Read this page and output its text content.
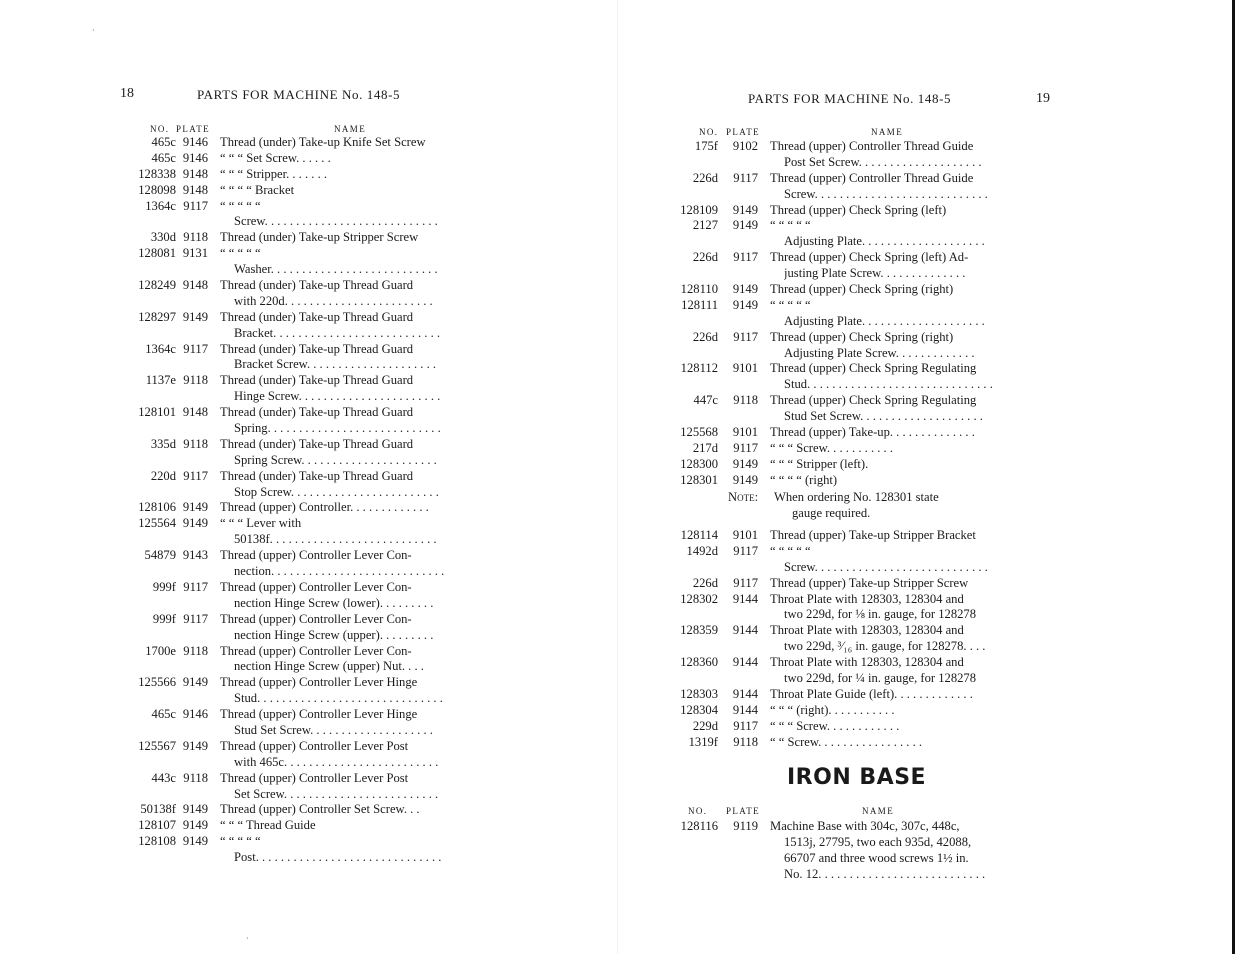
18	PARTS FOR MACHINE No. 148-5
NO. PLATE	NAME
465c 9146 Thread (under) Take-up Knife Set Screw
465c 9146 “ “ “ Set Screw. . . . . .
128338 9148 “ “ “ Stripper. . . . . . .
128098 9148 “ “ “ “ Bracket
1364c 9117 “ “ “ “ “
Screw. . . . . . . . . . . . . . . . . . . . . . . . . . . .
330d 9118 Thread (under) Take-up Stripper Screw
128081 9131 “ “ “ “ “
Washer. . . . . . . . . . . . . . . . . . . . . . . . . . .
128249 9148 Thread (under) Take-up Thread Guard
with 220d. . . . . . . . . . . . . . . . . . . . . . . .
128297 9149 Thread (under) Take-up Thread Guard
Bracket. . . . . . . . . . . . . . . . . . . . . . . . . . .
1364c 9117 Thread (under) Take-up Thread Guard
Bracket Screw. . . . . . . . . . . . . . . . . . . . .
1137e 9118 Thread (under) Take-up Thread Guard
Hinge Screw. . . . . . . . . . . . . . . . . . . . . . .
128101 9148 Thread (under) Take-up Thread Guard
Spring. . . . . . . . . . . . . . . . . . . . . . . . . . . .
335d 9118 Thread (under) Take-up Thread Guard
Spring Screw. . . . . . . . . . . . . . . . . . . . . .
220d 9117 Thread (under) Take-up Thread Guard
Stop Screw. . . . . . . . . . . . . . . . . . . . . . . .
128106 9149 Thread (upper) Controller. . . . . . . . . . . . .
125564 9149 “ “ “ Lever with
50138f. . . . . . . . . . . . . . . . . . . . . . . . . . .
54879 9143 Thread (upper) Controller Lever Con-
nection. . . . . . . . . . . . . . . . . . . . . . . . . . . .
999f 9117 Thread (upper) Controller Lever Con-
nection Hinge Screw (lower). . . . . . . . .
999f 9117 Thread (upper) Controller Lever Con-
nection Hinge Screw (upper). . . . . . . . .
1700e 9118 Thread (upper) Controller Lever Con-
nection Hinge Screw (upper) Nut. . . .
125566 9149 Thread (upper) Controller Lever Hinge
Stud. . . . . . . . . . . . . . . . . . . . . . . . . . . . . .
465c 9146 Thread (upper) Controller Lever Hinge
Stud Set Screw. . . . . . . . . . . . . . . . . . . .
125567 9149 Thread (upper) Controller Lever Post
with 465c. . . . . . . . . . . . . . . . . . . . . . . . .
443c 9118 Thread (upper) Controller Lever Post
Set Screw. . . . . . . . . . . . . . . . . . . . . . . . .
50138f 9149 Thread (upper) Controller Set Screw. . .
128107 9149 “ “ “ Thread Guide
128108 9149 “ “ “ “ “
Post. . . . . . . . . . . . . . . . . . . . . . . . . . . . . .
·
·
PARTS FOR MACHINE No. 148-5	19
NO. PLATE	NAME
175f	9102 Thread (upper) Controller Thread Guide
Post Set Screw. . . . . . . . . . . . . . . . . . . .
226d	9117 Thread (upper) Controller Thread Guide
Screw. . . . . . . . . . . . . . . . . . . . . . . . . . . .
128109	9149 Thread (upper) Check Spring (left)
2127	9149 “ “ “ “ “
Adjusting Plate. . . . . . . . . . . . . . . . . . . .
226d	9117 Thread (upper) Check Spring (left) Ad-
justing Plate Screw. . . . . . . . . . . . . .
128110	9149 Thread (upper) Check Spring (right)
128111	9149 “ “ “ “ “
Adjusting Plate. . . . . . . . . . . . . . . . . . . .
226d	9117 Thread (upper) Check Spring (right)
Adjusting Plate Screw. . . . . . . . . . . . .
128112	9101 Thread (upper) Check Spring Regulating
Stud. . . . . . . . . . . . . . . . . . . . . . . . . . . . . .
447c	9118 Thread (upper) Check Spring Regulating
Stud Set Screw. . . . . . . . . . . . . . . . . . . .
125568	9101 Thread (upper) Take-up. . . . . . . . . . . . . .
217d	9117 “ “ “ Screw. . . . . . . . . . .
128300	9149 “ “ “ Stripper (left).
128301	9149 “ “ “ “ (right)
Note: When ordering No. 128301 state
gauge required.
128114	9101 Thread (upper) Take-up Stripper Bracket
1492d	9117 “ “ “ “ “
Screw. . . . . . . . . . . . . . . . . . . . . . . . . . . .
226d	9117 Thread (upper) Take-up Stripper Screw
128302	9144 Throat Plate with 128303, 128304 and
two 229d, for ⅛ in. gauge, for 128278
128359	9144 Throat Plate with 128303, 128304 and
two 229d, ³⁄₁₆ in. gauge, for 128278. . . .
128360	9144 Throat Plate with 128303, 128304 and
two 229d, for ¼ in. gauge, for 128278
128303	9144 Throat Plate Guide (left). . . . . . . . . . . . .
128304	9144 “ “ “ (right). . . . . . . . . . .
229d	9117 “ “ “ Screw. . . . . . . . . . . .
1319f	9118 “ “ Screw. . . . . . . . . . . . . . . . .
IRON BASE
NO. PLATE	NAME
128116	9119 Machine Base with 304c, 307c, 448c,
1513j, 27795, two each 935d, 42088,
66707 and three wood screws 1½ in.
No. 12. . . . . . . . . . . . . . . . . . . . . . . . . . .
